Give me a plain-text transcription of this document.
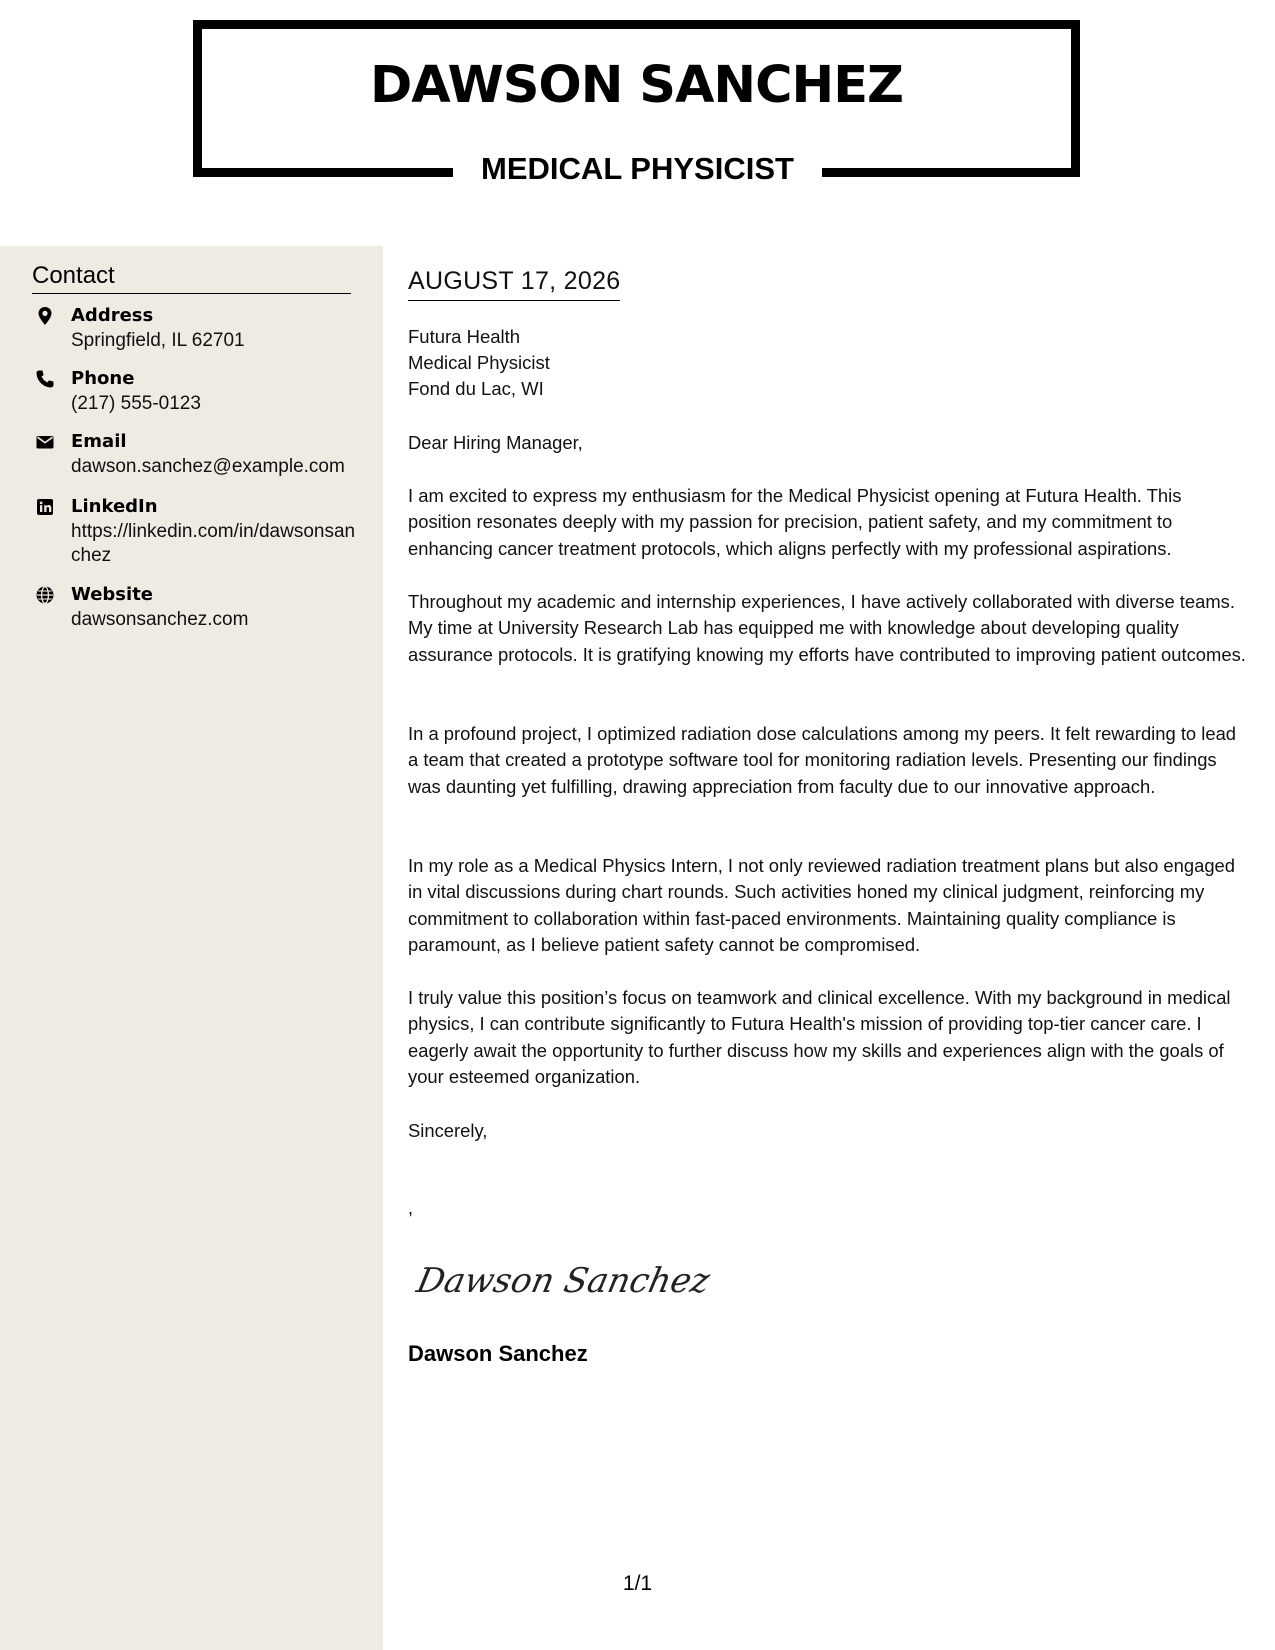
DAWSON SANCHEZ
MEDICAL PHYSICIST
Contact
Address
Springfield, IL 62701
Phone
(217) 555-0123
Email
dawson.sanchez@example.com
LinkedIn
https://linkedin.com/in/dawsonsanchez
Website
dawsonsanchez.com
AUGUST 17, 2026
Futura Health
Medical Physicist
Fond du Lac, WI

Dear Hiring Manager,

I am excited to express my enthusiasm for the Medical Physicist opening at Futura Health. This position resonates deeply with my passion for precision, patient safety, and my commitment to enhancing cancer treatment protocols, which aligns perfectly with my professional aspirations.

Throughout my academic and internship experiences, I have actively collaborated with diverse teams. My time at University Research Lab has equipped me with knowledge about developing quality assurance protocols. It is gratifying knowing my efforts have contributed to improving patient outcomes.

In a profound project, I optimized radiation dose calculations among my peers. It felt rewarding to lead a team that created a prototype software tool for monitoring radiation levels. Presenting our findings was daunting yet fulfilling, drawing appreciation from faculty due to our innovative approach.

In my role as a Medical Physics Intern, I not only reviewed radiation treatment plans but also engaged in vital discussions during chart rounds. Such activities honed my clinical judgment, reinforcing my commitment to collaboration within fast-paced environments. Maintaining quality compliance is paramount, as I believe patient safety cannot be compromised.

I truly value this position’s focus on teamwork and clinical excellence. With my background in medical physics, I can contribute significantly to Futura Health's mission of providing top-tier cancer care. I eagerly await the opportunity to further discuss how my skills and experiences align with the goals of your esteemed organization.

Sincerely,

,
Dawson Sanchez
Dawson Sanchez
1/1
